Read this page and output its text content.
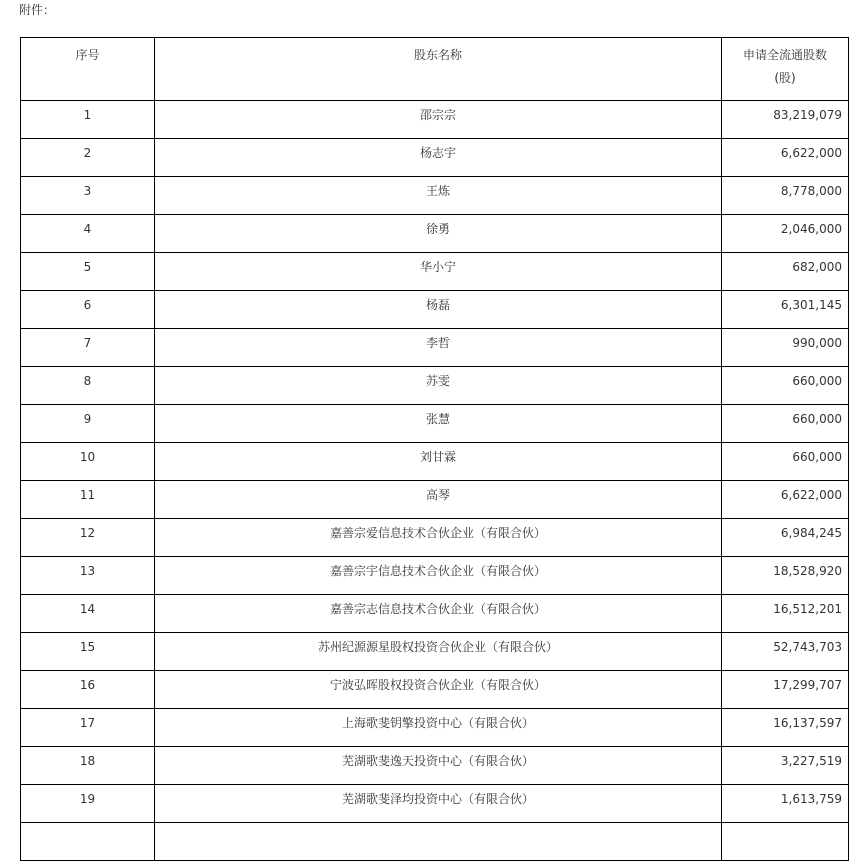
附件：
序号	股东名称	申请全流通股数
(股)

1	邵宗宗	83,219,079
2	杨志宇	6,622,000
3	王炼	8,778,000
4	徐勇	2,046,000
5	华小宁	682,000
6	杨磊	6,301,145
7	李哲	990,000
8	苏雯	660,000
9	张慧	660,000
10	刘甘霖	660,000
11	高琴	6,622,000
12	嘉善宗爱信息技术合伙企业（有限合伙）	6,984,245
13	嘉善宗宇信息技术合伙企业（有限合伙）	18,528,920
14	嘉善宗志信息技术合伙企业（有限合伙）	16,512,201
15	苏州纪源源星股权投资合伙企业（有限合伙）	52,743,703
16	宁波弘晖股权投资合伙企业（有限合伙）	17,299,707
17	上海歌斐钥擎投资中心（有限合伙）	16,137,597
18	芜湖歌斐逸天投资中心（有限合伙）	3,227,519
19	芜湖歌斐泽均投资中心（有限合伙）	1,613,759
